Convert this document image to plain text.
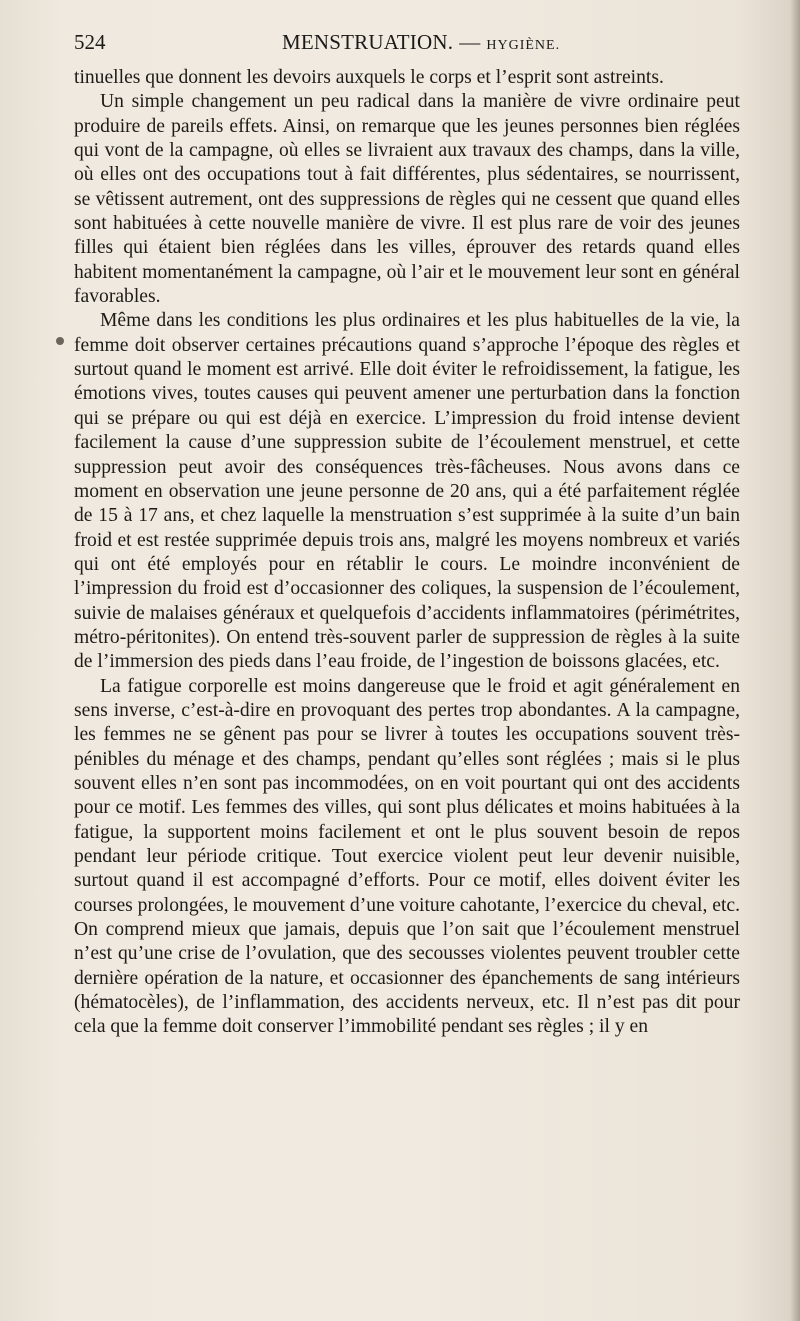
524	MENSTRUATION. — HYGIÈNE.

tinuelles que donnent les devoirs auxquels le corps et l’esprit sont astreints.

Un simple changement un peu radical dans la manière de vivre ordinaire peut produire de pareils effets. Ainsi, on remarque que les jeunes personnes bien réglées qui vont de la campagne, où elles se livraient aux travaux des champs, dans la ville, où elles ont des occupations tout à fait différentes, plus sédentaires, se nourrissent, se vêtissent autrement, ont des suppressions de règles qui ne cessent que quand elles sont habituées à cette nouvelle manière de vivre. Il est plus rare de voir des jeunes filles qui étaient bien réglées dans les villes, éprouver des retards quand elles habitent momentanément la campagne, où l’air et le mouvement leur sont en général favorables.

Même dans les conditions les plus ordinaires et les plus habituelles de la vie, la femme doit observer certaines précautions quand s’approche l’époque des règles et surtout quand le moment est arrivé. Elle doit éviter le refroidissement, la fatigue, les émotions vives, toutes causes qui peuvent amener une perturbation dans la fonction qui se prépare ou qui est déjà en exercice. L’impression du froid intense devient facilement la cause d’une suppression subite de l’écoulement menstruel, et cette suppression peut avoir des conséquences très-fâcheuses. Nous avons dans ce moment en observation une jeune personne de 20 ans, qui a été parfaitement réglée de 15 à 17 ans, et chez laquelle la menstruation s’est supprimée à la suite d’un bain froid et est restée supprimée depuis trois ans, malgré les moyens nombreux et variés qui ont été employés pour en rétablir le cours. Le moindre inconvénient de l’impression du froid est d’occasionner des coliques, la suspension de l’écoulement, suivie de malaises généraux et quelquefois d’accidents inflammatoires (périmétrites, métro-péritonites). On entend très-souvent parler de suppression de règles à la suite de l’immersion des pieds dans l’eau froide, de l’ingestion de boissons glacées, etc.

La fatigue corporelle est moins dangereuse que le froid et agit généralement en sens inverse, c’est-à-dire en provoquant des pertes trop abondantes. A la campagne, les femmes ne se gênent pas pour se livrer à toutes les occupations souvent très-pénibles du ménage et des champs, pendant qu’elles sont réglées ; mais si le plus souvent elles n’en sont pas incommodées, on en voit pourtant qui ont des accidents pour ce motif. Les femmes des villes, qui sont plus délicates et moins habituées à la fatigue, la supportent moins facilement et ont le plus souvent besoin de repos pendant leur période critique. Tout exercice violent peut leur devenir nuisible, surtout quand il est accompagné d’efforts. Pour ce motif, elles doivent éviter les courses prolongées, le mouvement d’une voiture cahotante, l’exercice du cheval, etc. On comprend mieux que jamais, depuis que l’on sait que l’écoulement menstruel n’est qu’une crise de l’ovulation, que des secousses violentes peuvent troubler cette dernière opération de la nature, et occasionner des épanchements de sang intérieurs (hématocèles), de l’inflammation, des accidents nerveux, etc. Il n’est pas dit pour cela que la femme doit conserver l’immobilité pendant ses règles ; il y en
